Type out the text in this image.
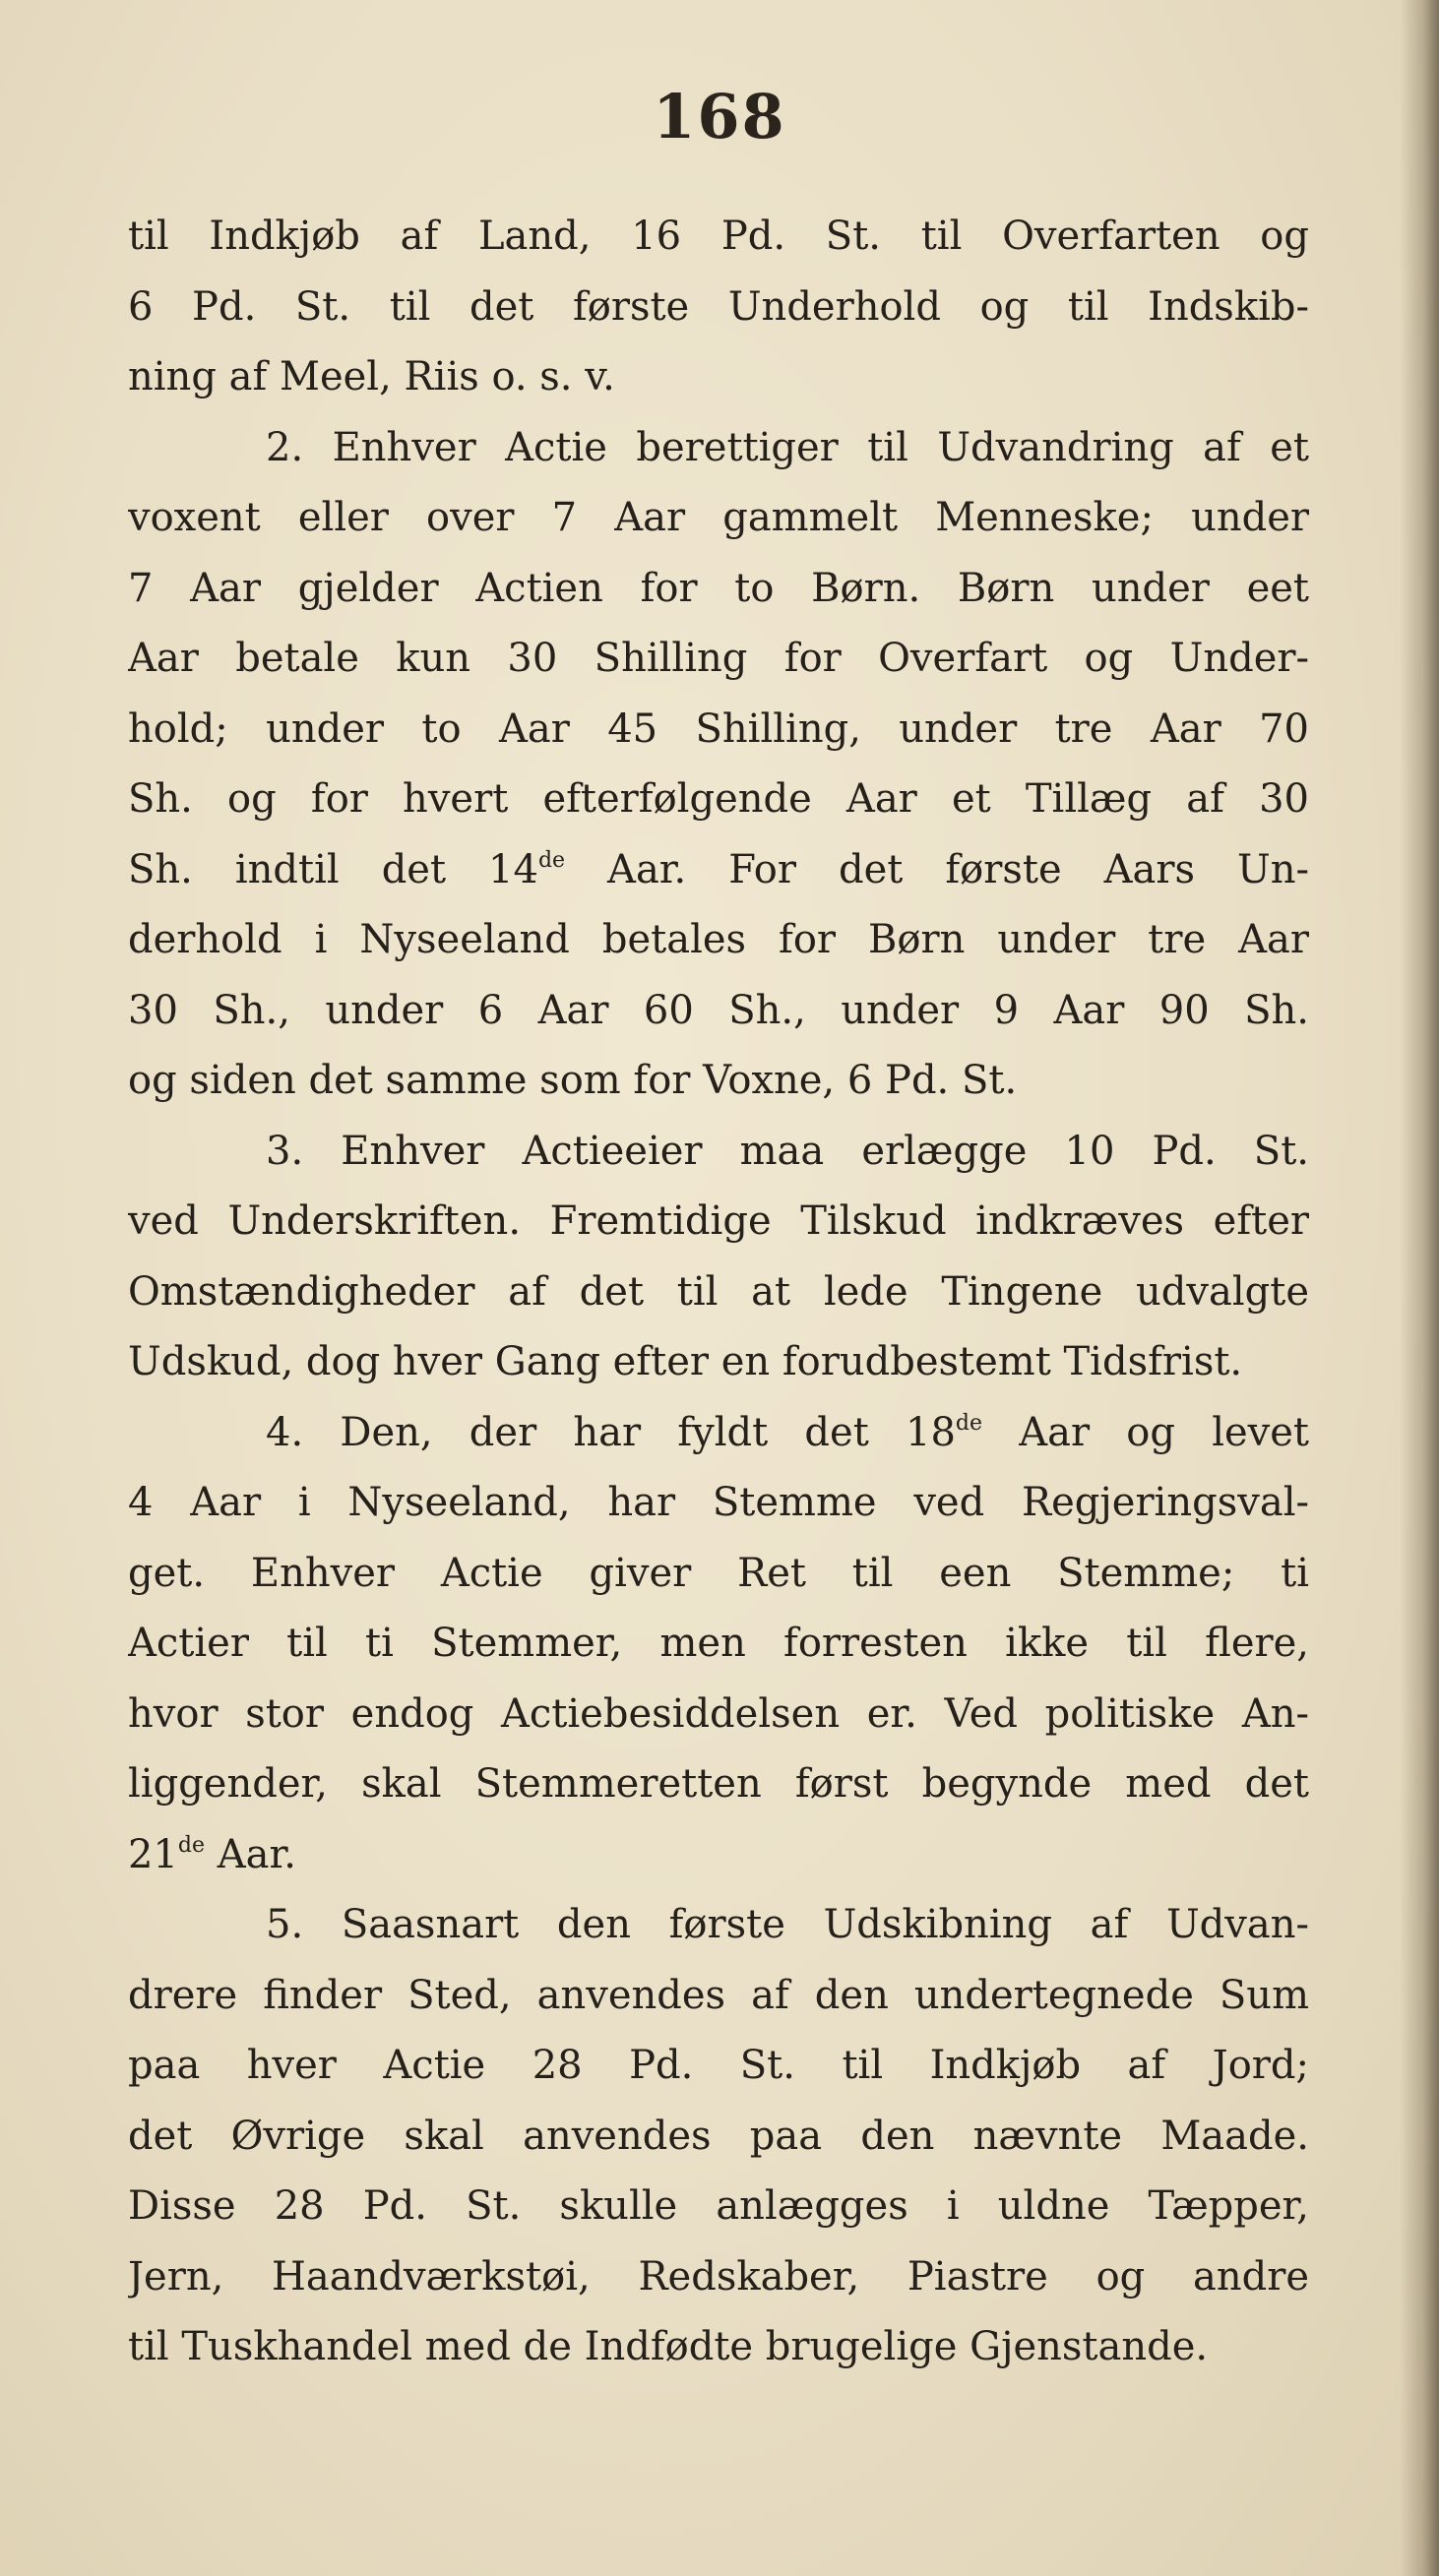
168
til Indkjøb af Land, 16 Pd. St. til Overfarten og
6 Pd. St. til det første Underhold og til Indskib-
ning af Meel, Riis o. s. v.
2. Enhver Actie berettiger til Udvandring af et
voxent eller over 7 Aar gammelt Menneske; under
7 Aar gjelder Actien for to Børn. Børn under eet
Aar betale kun 30 Shilling for Overfart og Under-
hold; under to Aar 45 Shilling, under tre Aar 70
Sh. og for hvert efterfølgende Aar et Tillæg af 30
Sh. indtil det 14de Aar. For det første Aars Un-
derhold i Nyseeland betales for Børn under tre Aar
30 Sh., under 6 Aar 60 Sh., under 9 Aar 90 Sh.
og siden det samme som for Voxne, 6 Pd. St.
3. Enhver Actieeier maa erlægge 10 Pd. St.
ved Underskriften. Fremtidige Tilskud indkræves efter
Omstændigheder af det til at lede Tingene udvalgte
Udskud, dog hver Gang efter en forudbestemt Tidsfrist.
4. Den, der har fyldt det 18de Aar og levet
4 Aar i Nyseeland, har Stemme ved Regjeringsval-
get. Enhver Actie giver Ret til een Stemme; ti
Actier til ti Stemmer, men forresten ikke til flere,
hvor stor endog Actiebesiddelsen er. Ved politiske An-
liggender, skal Stemmeretten først begynde med det
21de Aar.
5. Saasnart den første Udskibning af Udvan-
drere finder Sted, anvendes af den undertegnede Sum
paa hver Actie 28 Pd. St. til Indkjøb af Jord;
det Øvrige skal anvendes paa den nævnte Maade.
Disse 28 Pd. St. skulle anlægges i uldne Tæpper,
Jern, Haandværkstøi, Redskaber, Piastre og andre
til Tuskhandel med de Indfødte brugelige Gjenstande.
